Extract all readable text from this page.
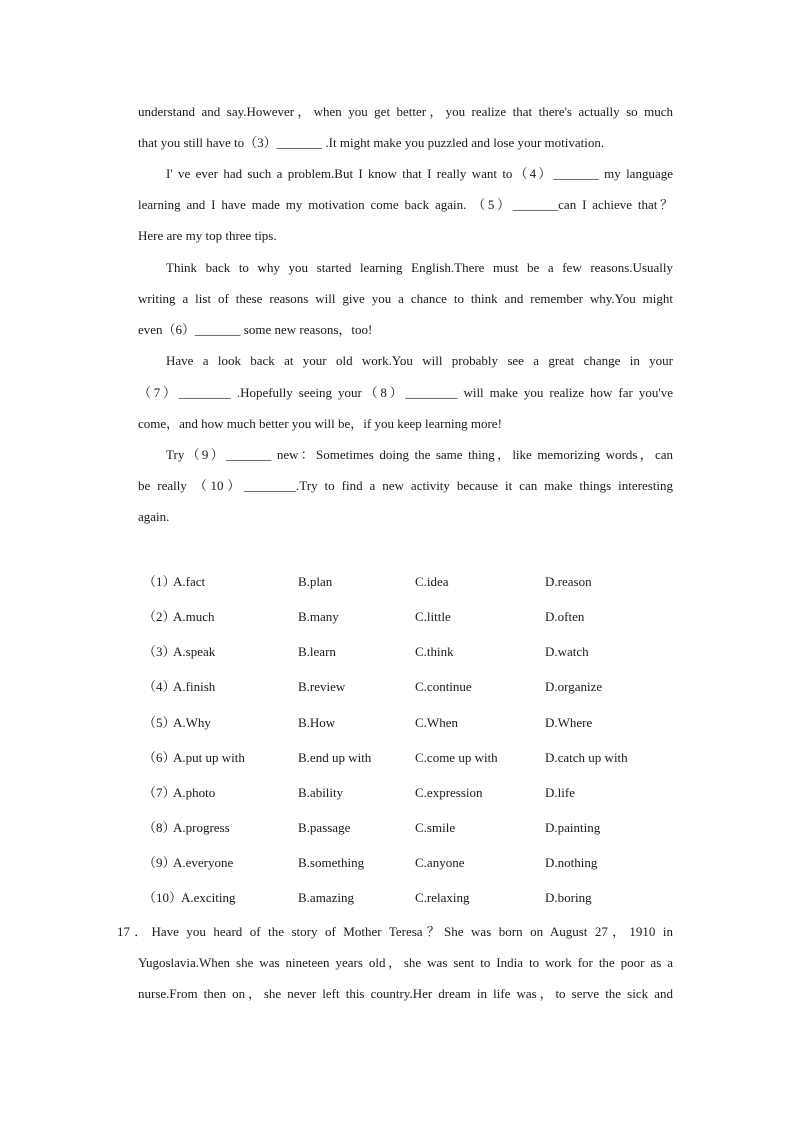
understand and say.However，when you get better，you realize that there's actually so much
that you still have to（3）_______ .It might make you puzzled and lose your motivation.
I' ve ever had such a problem.But I know that I really want to（4）_______ my language
learning and I have made my motivation come back again. （5）_______can I achieve that？
Here are my top three tips.
Think back to why you started learning English.There must be a few reasons.Usually
writing a list of these reasons will give you a chance to think and remember why.You might
even（6）_______ some new reasons，too!
Have a look back at your old work.You will probably see a great change in your
（7）________ .Hopefully seeing your（8）________ will make you realize how far you've
come，and how much better you will be，if you keep learning more!
Try（9）_______ new：Sometimes doing the same thing，like memorizing words，can
be really （10）________.Try to find a new activity because it can make things interesting
again.
（1）
A.fact	B.plan	C.idea	D.reason
（2）
A.much	B.many	C.little	D.often
（3）
A.speak	B.learn	C.think	D.watch
（4）
A.finish	B.review	C.continue	D.organize
（5）
A.Why	B.How	C.When	D.Where
（6）
A.put up with	B.end up with	C.come up with	D.catch up with
（7）
A.photo	B.ability	C.expression	D.life
（8）
A.progress	B.passage	C.smile	D.painting
（9）
A.everyone	B.something	C.anyone	D.nothing
（10）
A.exciting	B.amazing	C.relaxing	D.boring
17．Have you heard of the story of Mother Teresa？She was born on August 27，1910 in
Yugoslavia.When she was nineteen years old，she was sent to India to work for the poor as a
nurse.From then on，she never left this country.Her dream in life was，to serve the sick and
